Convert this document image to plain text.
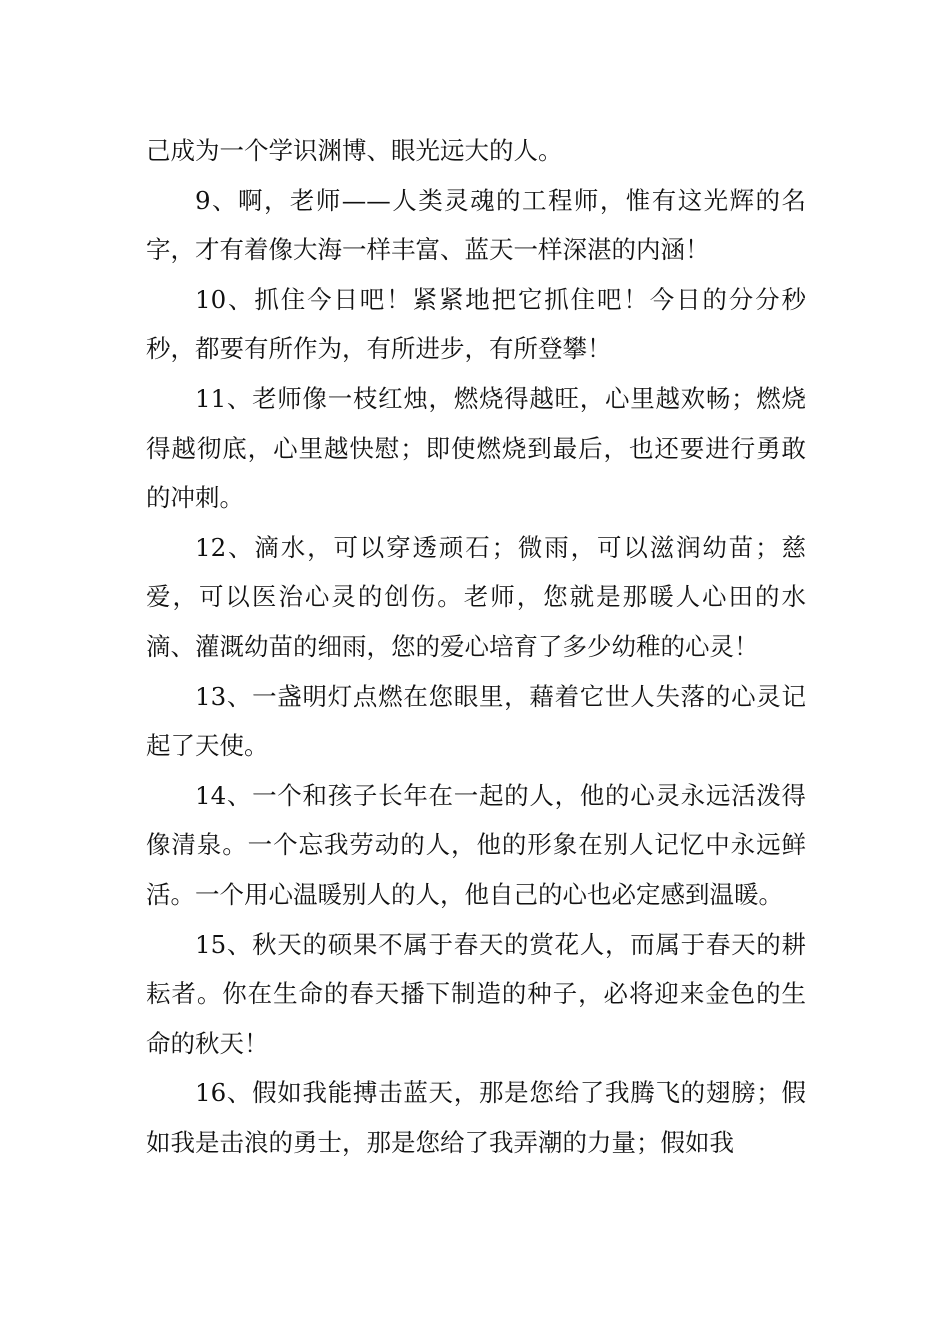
己成为一个学识渊博、眼光远大的人。

9、啊，老师——人类灵魂的工程师，惟有这光辉的名字，才有着像大海一样丰富、蓝天一样深湛的内涵！

10、抓住今日吧！紧紧地把它抓住吧！今日的分分秒秒，都要有所作为，有所进步，有所登攀！

11、老师像一枝红烛，燃烧得越旺，心里越欢畅；燃烧得越彻底，心里越快慰；即使燃烧到最后，也还要进行勇敢的冲刺。

12、滴水，可以穿透顽石；微雨，可以滋润幼苗；慈爱，可以医治心灵的创伤。老师，您就是那暖人心田的水滴、灌溉幼苗的细雨，您的爱心培育了多少幼稚的心灵！

13、一盏明灯点燃在您眼里，藉着它世人失落的心灵记起了天使。

14、一个和孩子长年在一起的人，他的心灵永远活泼得像清泉。一个忘我劳动的人，他的形象在别人记忆中永远鲜活。一个用心温暖别人的人，他自己的心也必定感到温暖。

15、秋天的硕果不属于春天的赏花人，而属于春天的耕耘者。你在生命的春天播下制造的种子，必将迎来金色的生命的秋天！

16、假如我能搏击蓝天，那是您给了我腾飞的翅膀；假如我是击浪的勇士，那是您给了我弄潮的力量；假如我
